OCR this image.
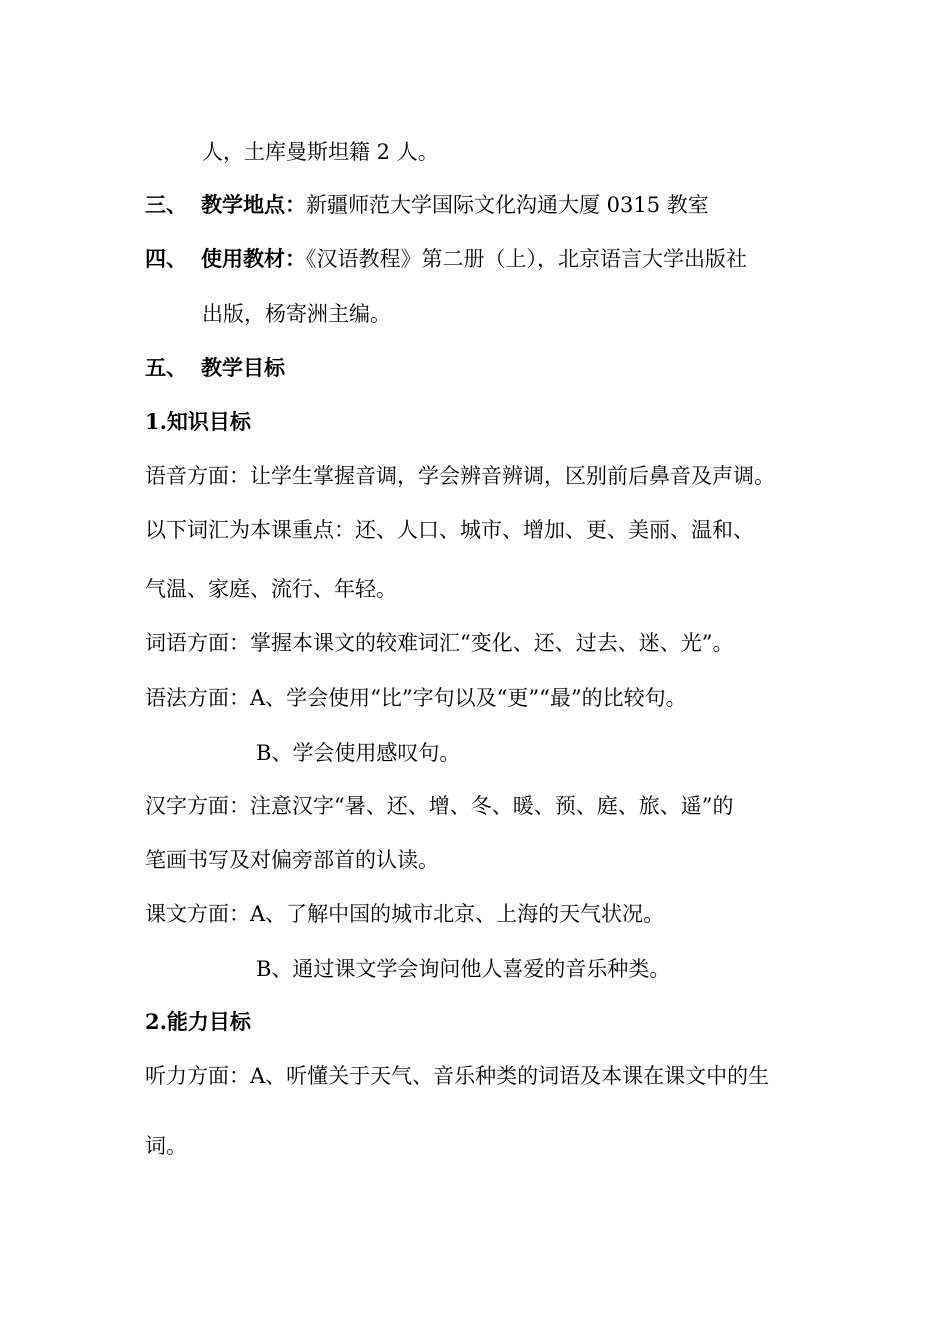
人，土库曼斯坦籍 2 人。
三、 教学地点：新疆师范大学国际文化沟通大厦 0315 教室
四、 使用教材：《汉语教程》第二册（上），北京语言大学出版社
出版，杨寄洲主编。
五、 教学目标
1.知识目标
语音方面：让学生掌握音调，学会辨音辨调，区别前后鼻音及声调。
以下词汇为本课重点：还、人口、城市、增加、更、美丽、温和、
气温、家庭、流行、年轻。
词语方面：掌握本课文的较难词汇“变化、还、过去、迷、光”。
语法方面：A、学会使用“比”字句以及“更”“最”的比较句。
B、学会使用感叹句。
汉字方面：注意汉字“暑、还、增、冬、暖、预、庭、旅、遥”的
笔画书写及对偏旁部首的认读。
课文方面：A、了解中国的城市北京、上海的天气状况。
B、通过课文学会询问他人喜爱的音乐种类。
2.能力目标
听力方面：A、听懂关于天气、音乐种类的词语及本课在课文中的生
词。
